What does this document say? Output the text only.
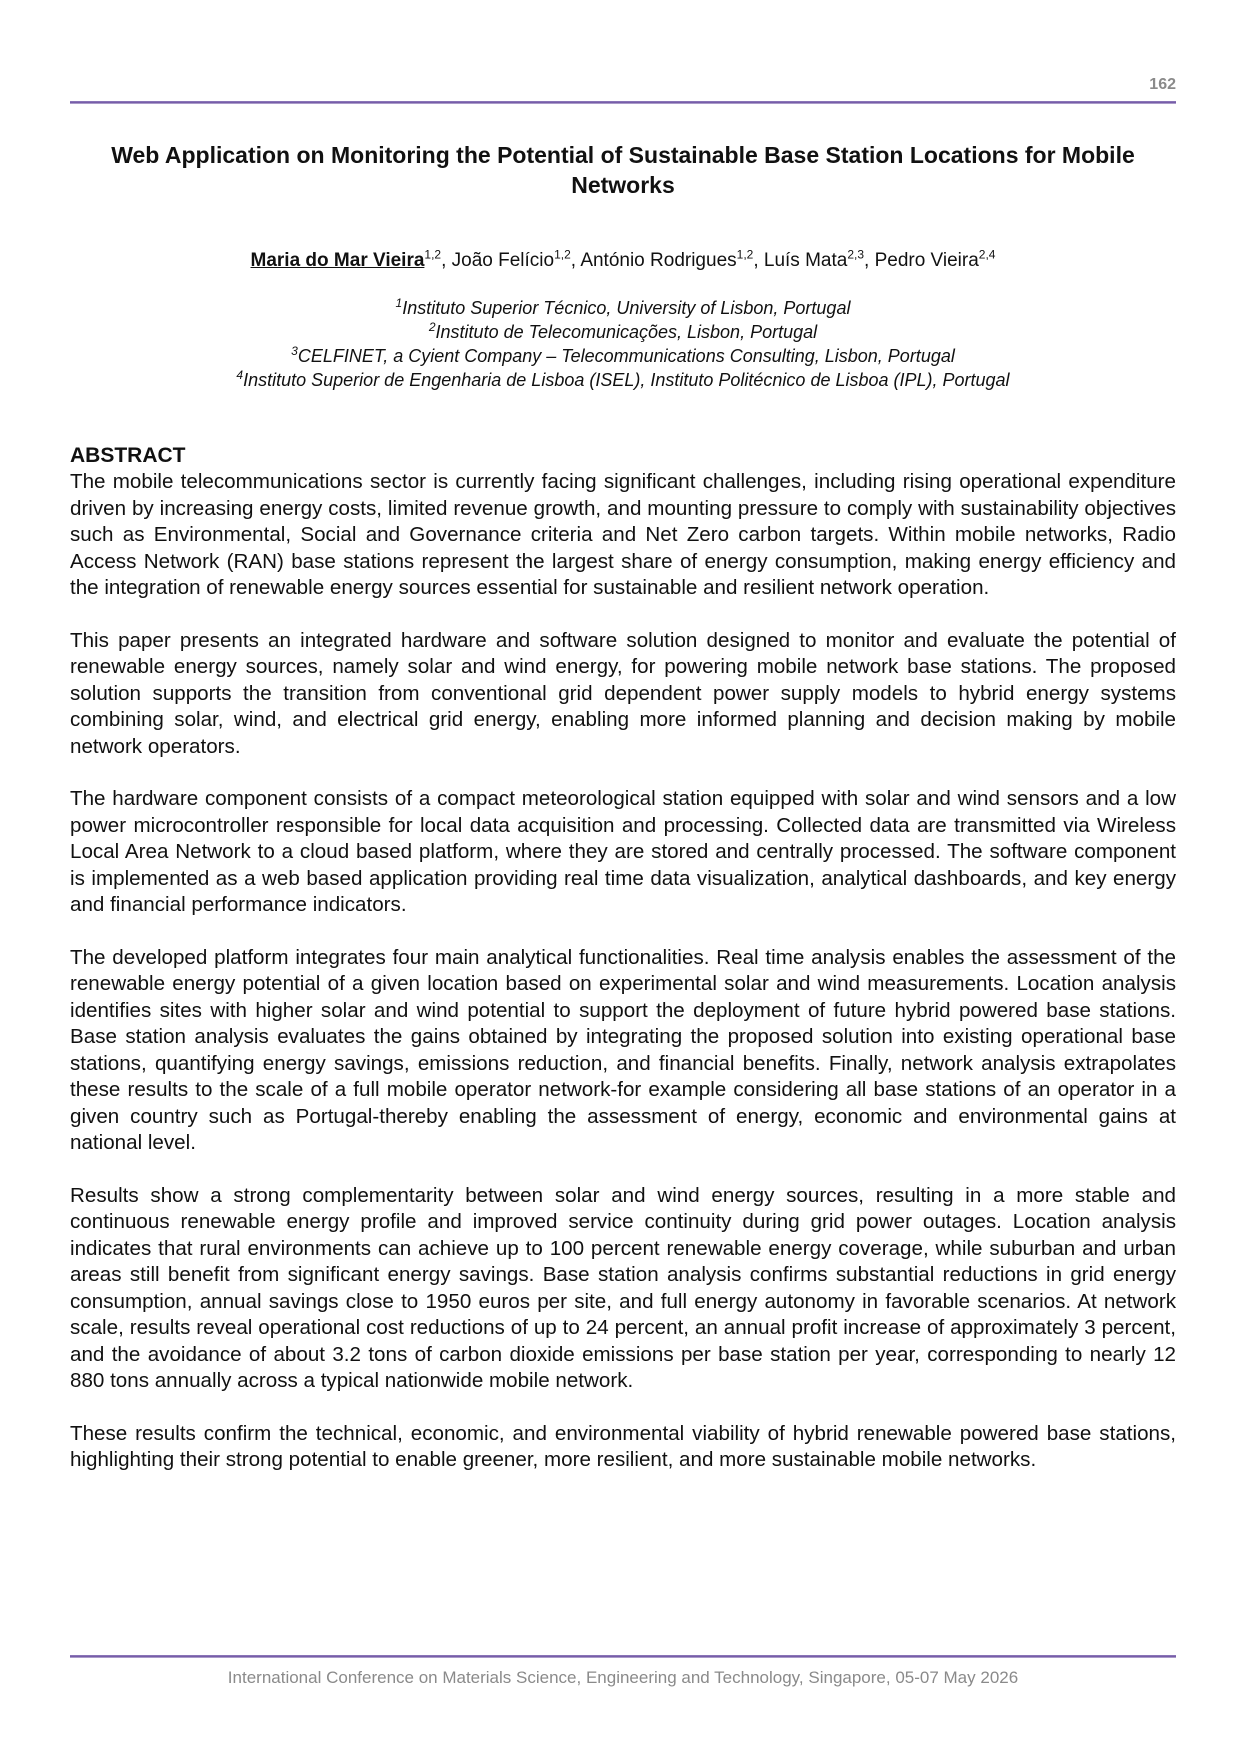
162
Web Application on Monitoring the Potential of Sustainable Base Station Locations for Mobile Networks

Maria do Mar Vieira$^{1,2}$, João Felício$^{1,2}$, António Rodrigues$^{1,2}$, Luís Mata$^{2,3}$, Pedro Vieira$^{2,4}$

$^1$Instituto Superior Técnico, University of Lisbon, Portugal
$^2$Instituto de Telecomunicações, Lisbon, Portugal
$^3$CELFINET, a Cyient Company – Telecommunications Consulting, Lisbon, Portugal
$^4$Instituto Superior de Engenharia de Lisboa (ISEL), Instituto Politécnico de Lisboa (IPL), Portugal
ABSTRACT

The mobile telecommunications sector is currently facing significant challenges, including rising operational expenditure driven by increasing energy costs, limited revenue growth, and mounting pressure to comply with sustainability objectives such as Environmental, Social and Governance criteria and Net Zero carbon targets. Within mobile networks, Radio Access Network (RAN) base stations represent the largest share of energy consumption, making energy efficiency and the integration of renewable energy sources essential for sustainable and resilient network operation.

This paper presents an integrated hardware and software solution designed to monitor and evaluate the potential of renewable energy sources, namely solar and wind energy, for powering mobile network base stations. The proposed solution supports the transition from conventional grid dependent power supply models to hybrid energy systems combining solar, wind, and electrical grid energy, enabling more informed planning and decision making by mobile network operators.

The hardware component consists of a compact meteorological station equipped with solar and wind sensors and a low power microcontroller responsible for local data acquisition and processing. Collected data are transmitted via Wireless Local Area Network to a cloud based platform, where they are stored and centrally processed. The software component is implemented as a web based application providing real time data visualization, analytical dashboards, and key energy and financial performance indicators.

The developed platform integrates four main analytical functionalities. Real time analysis enables the assessment of the renewable energy potential of a given location based on experimental solar and wind measurements. Location analysis identifies sites with higher solar and wind potential to support the deployment of future hybrid powered base stations. Base station analysis evaluates the gains obtained by integrating the proposed solution into existing operational base stations, quantifying energy savings, emissions reduction, and financial benefits. Finally, network analysis extrapolates these results to the scale of a full mobile operator network-for example considering all base stations of an operator in a given country such as Portugal-thereby enabling the assessment of energy, economic and environmental gains at national level.

Results show a strong complementarity between solar and wind energy sources, resulting in a more stable and continuous renewable energy profile and improved service continuity during grid power outages. Location analysis indicates that rural environments can achieve up to 100 percent renewable energy coverage, while suburban and urban areas still benefit from significant energy savings. Base station analysis confirms substantial reductions in grid energy consumption, annual savings close to 1950 euros per site, and full energy autonomy in favorable scenarios. At network scale, results reveal operational cost reductions of up to 24 percent, an annual profit increase of approximately 3 percent, and the avoidance of about 3.2 tons of carbon dioxide emissions per base station per year, corresponding to nearly 12 880 tons annually across a typical nationwide mobile network.

These results confirm the technical, economic, and environmental viability of hybrid renewable powered base stations, highlighting their strong potential to enable greener, more resilient, and more sustainable mobile networks.

International Conference on Materials Science, Engineering and Technology, Singapore, 05-07 May 2026
